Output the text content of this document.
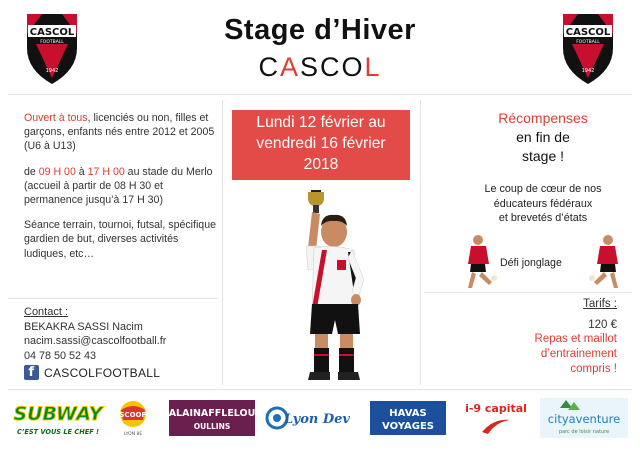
CASCOL
FOOTBALL
1942
CASCOL
FOOTBALL
1942
Stage d’Hiver
CASCOL

Ouvert à tous, licenciés ou non, filles et garçons, enfants nés entre 2012 et 2005 (U6 à U13)

de 09 H 00 à 17 H 00 au stade du Merlo
(accueil à partir de 08 H 30 et permanence jusqu’à 17 H 30)

Séance terrain, tournoi, futsal, spécifique gardien de but, diverses activités ludiques, etc…

Contact :
BEKAKRA SASSI Nacim
nacim.sassi@cascolfootball.fr
04 78 50 52 43
f CASCOLFOOTBALL
Lundi 12 février au
vendredi 16 février
2018
Récompenses
en fin de
stage !
Le coup de cœur de nos
éducateurs fédéraux
et brevetés d’états
Défi jonglage
Tarifs :
120 €
Repas et maillot
d’entrainement
compris !
SUBWAY
C’EST VOUS LE CHEF !
SCOOP
LYON 8E
ALAINAFFLELOU
OULLINS	Lyon Dev	HAVAS
VOYAGES
i-9 capital
cityaventure
parc de loisir nature
